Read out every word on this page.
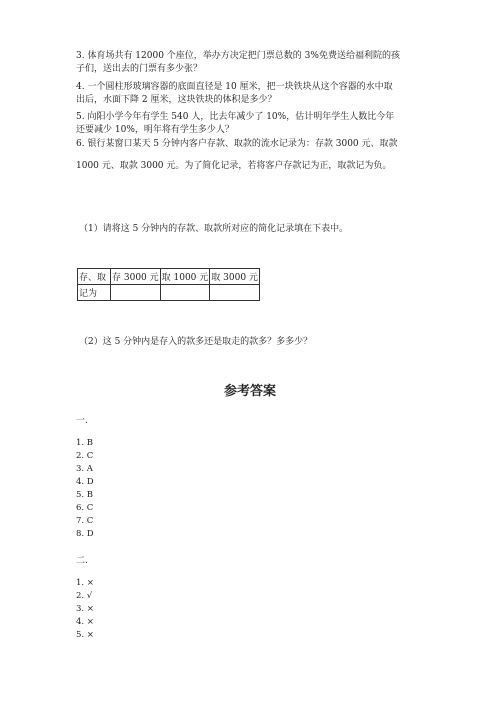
3. 体育场共有 12000 个座位，举办方决定把门票总数的 3%免费送给福利院的孩
子们，送出去的门票有多少张？
4. 一个圆柱形玻璃容器的底面直径是 10 厘米，把一块铁块从这个容器的水中取
出后，水面下降 2 厘米，这块铁块的体积是多少？
5. 向阳小学今年有学生 540 人，比去年减少了 10%，估计明年学生人数比今年
还要减少 10%，明年将有学生多少人？
6. 银行某窗口某天 5 分钟内客户存款、取款的流水记录为：存款 3000 元、取款
1000 元、取款 3000 元。为了简化记录，若将客户存款记为正，取款记为负。
（1）请将这 5 分钟内的存款、取款所对应的简化记录填在下表中。
存、取	存 3000 元	取 1000 元	取 3000 元
记为			
（2）这 5 分钟内是存入的款多还是取走的款多？多多少？
参考答案
一.
1. B
2. C
3. A
4. D
5. B
6. C
7. C
8. D
二.
1. ×
2. √
3. ×
4. ×
5. ×
